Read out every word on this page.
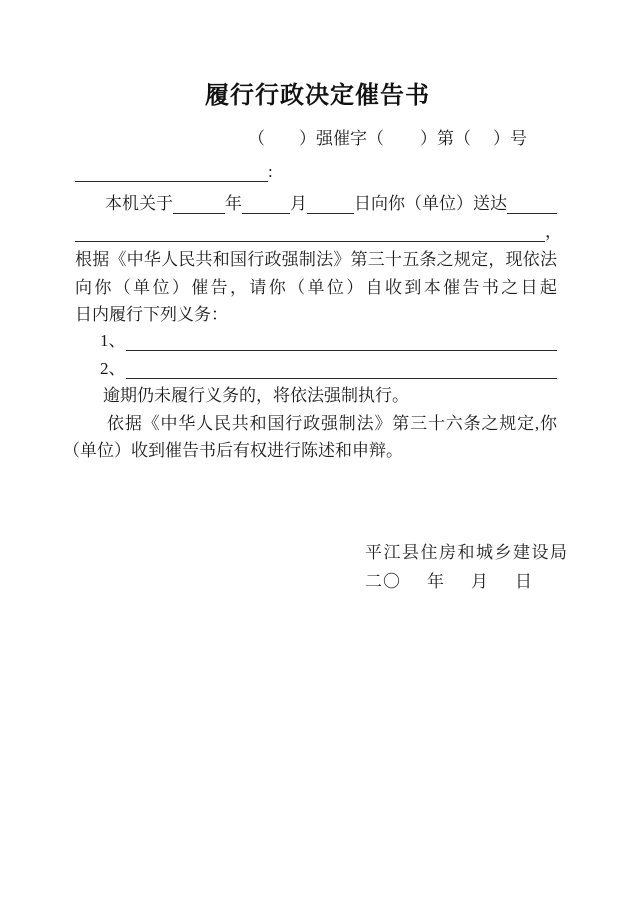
履行行政决定催告书
（ ）强催字（ ）第（ ）号
:
本机关于	年	月	日向你（单位）送达
，
根据《中华人民共和国行政强制法》第三十五条之规定，现依法
向你（单位）催告，请你（单位）自收到本催告书之日起
日内履行下列义务：
1、
2、
逾期仍未履行义务的，将依法强制执行。
依据《中华人民共和国行政强制法》第三十六条之规定,你
（单位）收到催告书后有权进行陈述和申辩。
平江县住房和城乡建设局
二〇 年 月 日
